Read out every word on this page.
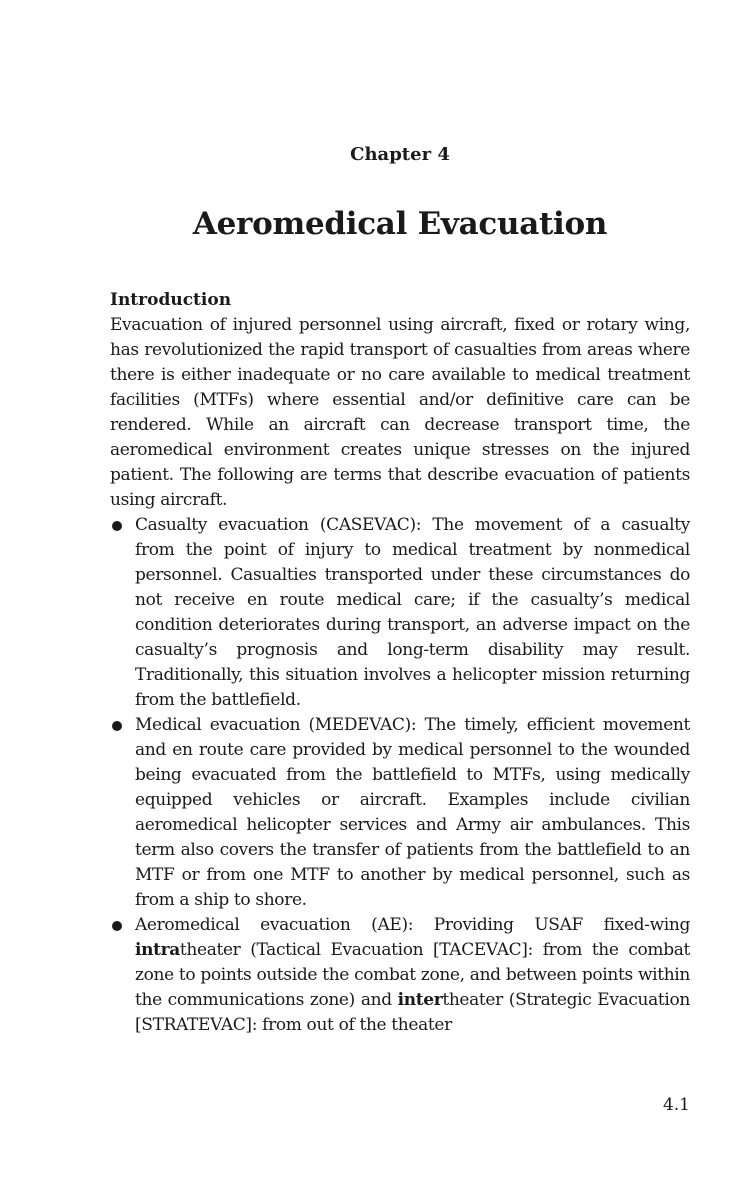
Chapter 4
Aeromedical Evacuation
Introduction

Evacuation of injured personnel using aircraft, fixed or rotary wing, has revolutionized the rapid transport of casualties from areas where there is either inadequate or no care available to medical treatment facilities (MTFs) where essential and/or definitive care can be rendered. While an aircraft can decrease transport time, the aeromedical environment creates unique stresses on the injured patient. The following are terms that describe evacuation of patients using aircraft.

Casualty evacuation (CASEVAC): The movement of a casualty from the point of injury to medical treatment by nonmedical personnel. Casualties transported under these circumstances do not receive en route medical care; if the casualty’s medical condition deteriorates during transport, an adverse impact on the casualty’s prognosis and long-term disability may result. Traditionally, this situation involves a helicopter mission returning from the battlefield.
Medical evacuation (MEDEVAC): The timely, efficient movement and en route care provided by medical personnel to the wounded being evacuated from the battlefield to MTFs, using medically equipped vehicles or aircraft. Examples include civilian aeromedical helicopter services and Army air ambulances. This term also covers the transfer of patients from the battlefield to an MTF or from one MTF to another by medical personnel, such as from a ship to shore.
Aeromedical evacuation (AE): Providing USAF fixed-wing intratheater (Tactical Evacuation [TACEVAC]: from the combat zone to points outside the combat zone, and between points within the communications zone) and intertheater (Strategic Evacuation [STRATEVAC]: from out of the theater
4.1
